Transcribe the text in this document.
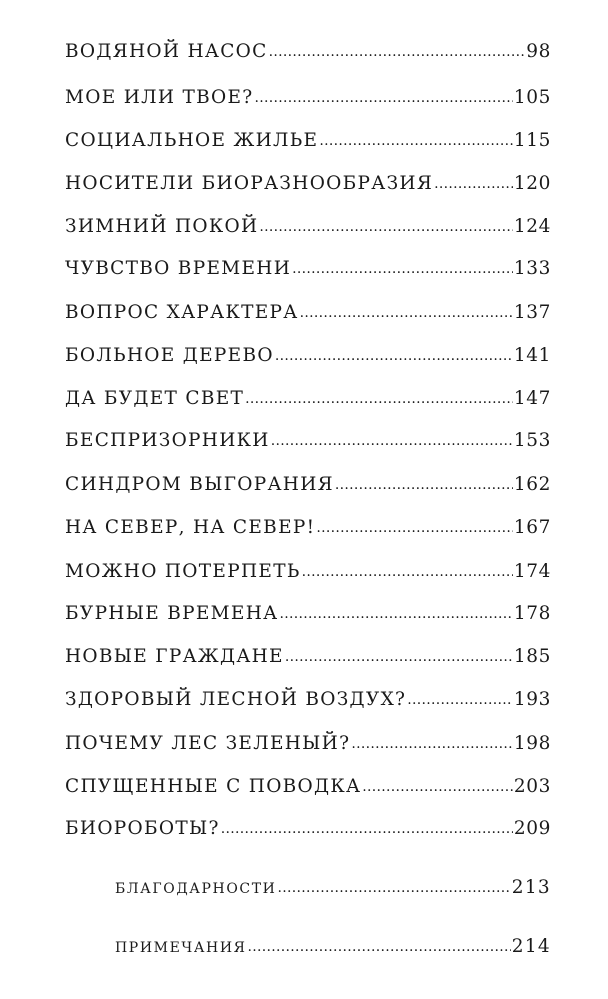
ВОДЯНОЙ НАСОС .....	98
МОЕ ИЛИ ТВОЕ? .....	105
СОЦИАЛЬНОЕ ЖИЛЬЕ .....	115
НОСИТЕЛИ БИОРАЗНООБРАЗИЯ .....	120
ЗИМНИЙ ПОКОЙ .....	124
ЧУВСТВО ВРЕМЕНИ .....	133
ВОПРОС ХАРАКТЕРА .....	137
БОЛЬНОЕ ДЕРЕВО .....	141
ДА БУДЕТ СВЕТ .....	147
БЕСПРИЗОРНИКИ .....	153
СИНДРОМ ВЫГОРАНИЯ .....	162
НА СЕВЕР, НА СЕВЕР! .....	167
МОЖНО ПОТЕРПЕТЬ .....	174
БУРНЫЕ ВРЕМЕНА .....	178
НОВЫЕ ГРАЖДАНЕ .....	185
ЗДОРОВЫЙ ЛЕСНОЙ ВОЗДУХ? .....	193
ПОЧЕМУ ЛЕС ЗЕЛЕНЫЙ? .....	198
СПУЩЕННЫЕ С ПОВОДКА .....	203
БИОРОБОТЫ? .....	209
БЛАГОДАРНОСТИ .....	213
ПРИМЕЧАНИЯ .....	214
